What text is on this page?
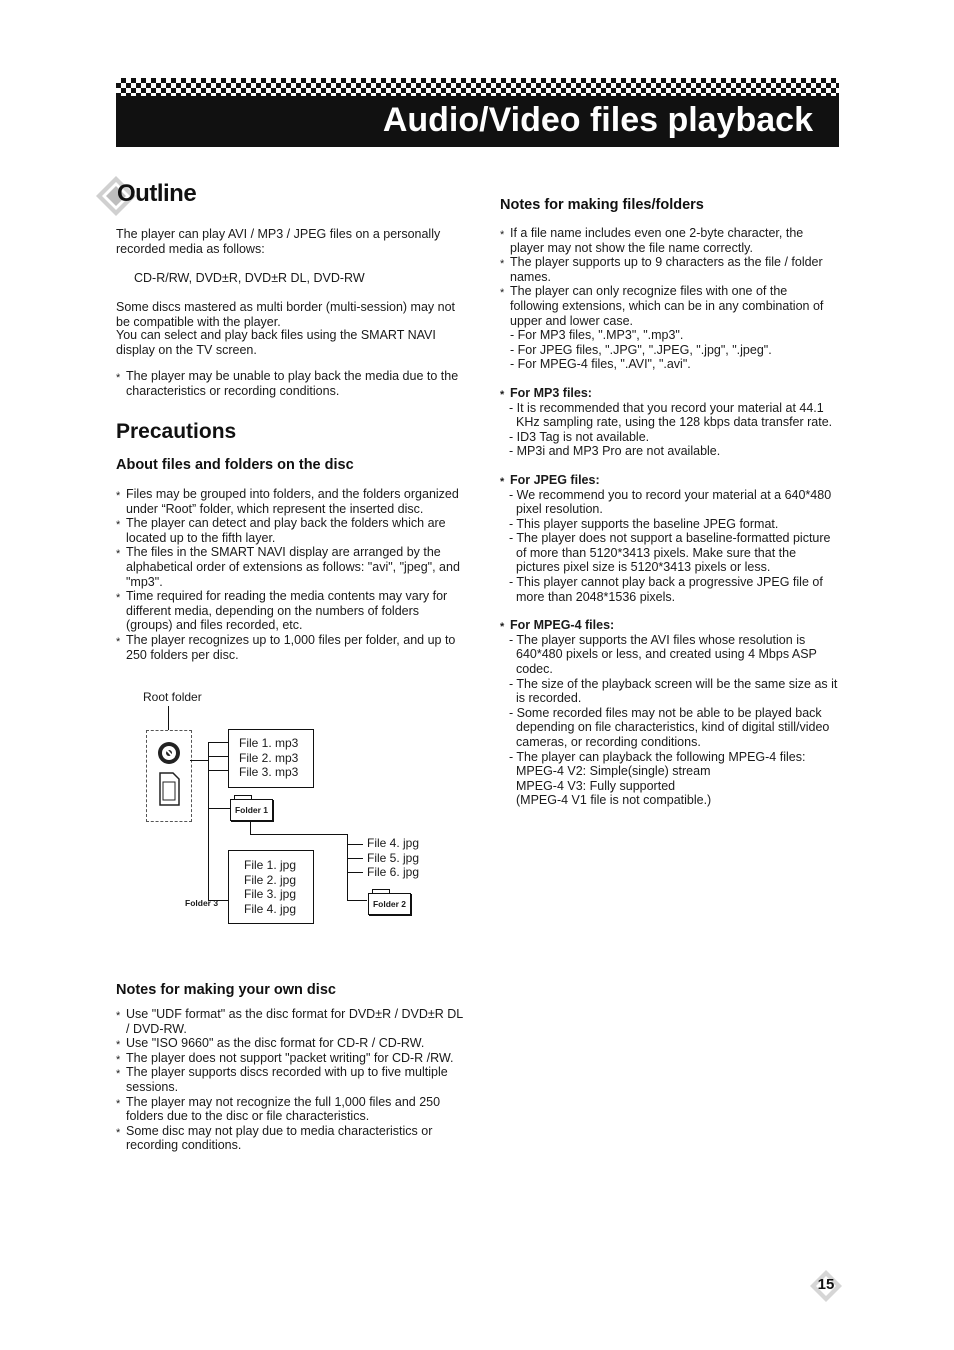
Audio/Video files playback
Outline
The player can play AVI / MP3 / JPEG files on a personally recorded media as follows:
CD-R/RW, DVD±R, DVD±R DL, DVD-RW
Some discs mastered as multi border (multi-session) may not be compatible with the player.
You can select and play back files using the SMART NAVI display on the TV screen.
* The player may be unable to play back the media due to the characteristics or recording conditions.
Precautions
About files and folders on the disc
* Files may be grouped into folders, and the folders organized under “Root” folder, which represent the inserted disc.
* The player can detect and play back the folders which are located up to the fifth layer.
* The files in the SMART NAVI display are arranged by the alphabetical order of extensions as follows: "avi", "jpeg", and "mp3".
* Time required for reading the media contents may vary for different media, depending on the numbers of folders (groups) and files recorded, etc.
* The player recognizes up to 1,000 files per folder, and up to 250 folders per disc.
Root folder
File 1. mp3
File 2. mp3
File 3. mp3
Folder 1
File 4. jpg
File 5. jpg
File 6. jpg
Folder 2
File 1. jpg
File 2. jpg
File 3. jpg
File 4. jpg
Folder 3
Notes for making your own disc
* Use "UDF format" as the disc format for DVD±R / DVD±R DL / DVD-RW.
* Use "ISO 9660" as the disc format for CD-R / CD-RW.
* The player does not support "packet writing" for CD-R /RW.
* The player supports discs recorded with up to five multiple sessions.
* The player may not recognize the full 1,000 files and 250 folders due to the disc or file characteristics.
* Some disc may not play due to media characteristics or recording conditions.
Notes for making files/folders
* If a file name includes even one 2-byte character, the player may not show the file name correctly.
* The player supports up to 9 characters as the file / folder names.
* The player can only recognize files with one of the following extensions, which can be in any combination of upper and lower case.
- For MP3 files, ".MP3", ".mp3".
- For JPEG files, ".JPG", ".JPEG, ".jpg", ".jpeg".
- For MPEG-4 files, ".AVI", ".avi".
* For MP3 files:
- It is recommended that you record your material at 44.1 KHz sampling rate, using the 128 kbps data transfer rate.
- ID3 Tag is not available.
- MP3i and MP3 Pro are not available.
* For JPEG files:
- We recommend you to record your material at a 640*480 pixel resolution.
- This player supports the baseline JPEG format.
- The player does not support a baseline-formatted picture of more than 5120*3413 pixels. Make sure that the pictures pixel size is 5120*3413 pixels or less.
- This player cannot play back a progressive JPEG file of more than 2048*1536 pixels.
* For MPEG-4 files:
- The player supports the AVI files whose resolution is 640*480 pixels or less, and created using 4 Mbps ASP codec.
- The size of the playback screen will be the same size as it is recorded.
- Some recorded files may not be able to be played back depending on file characteristics, kind of digital still/video cameras, or recording conditions.
- The player can playback the following MPEG-4 files:
MPEG-4 V2: Simple(single) stream
MPEG-4 V3: Fully supported
(MPEG-4 V1 file is not compatible.)
15
